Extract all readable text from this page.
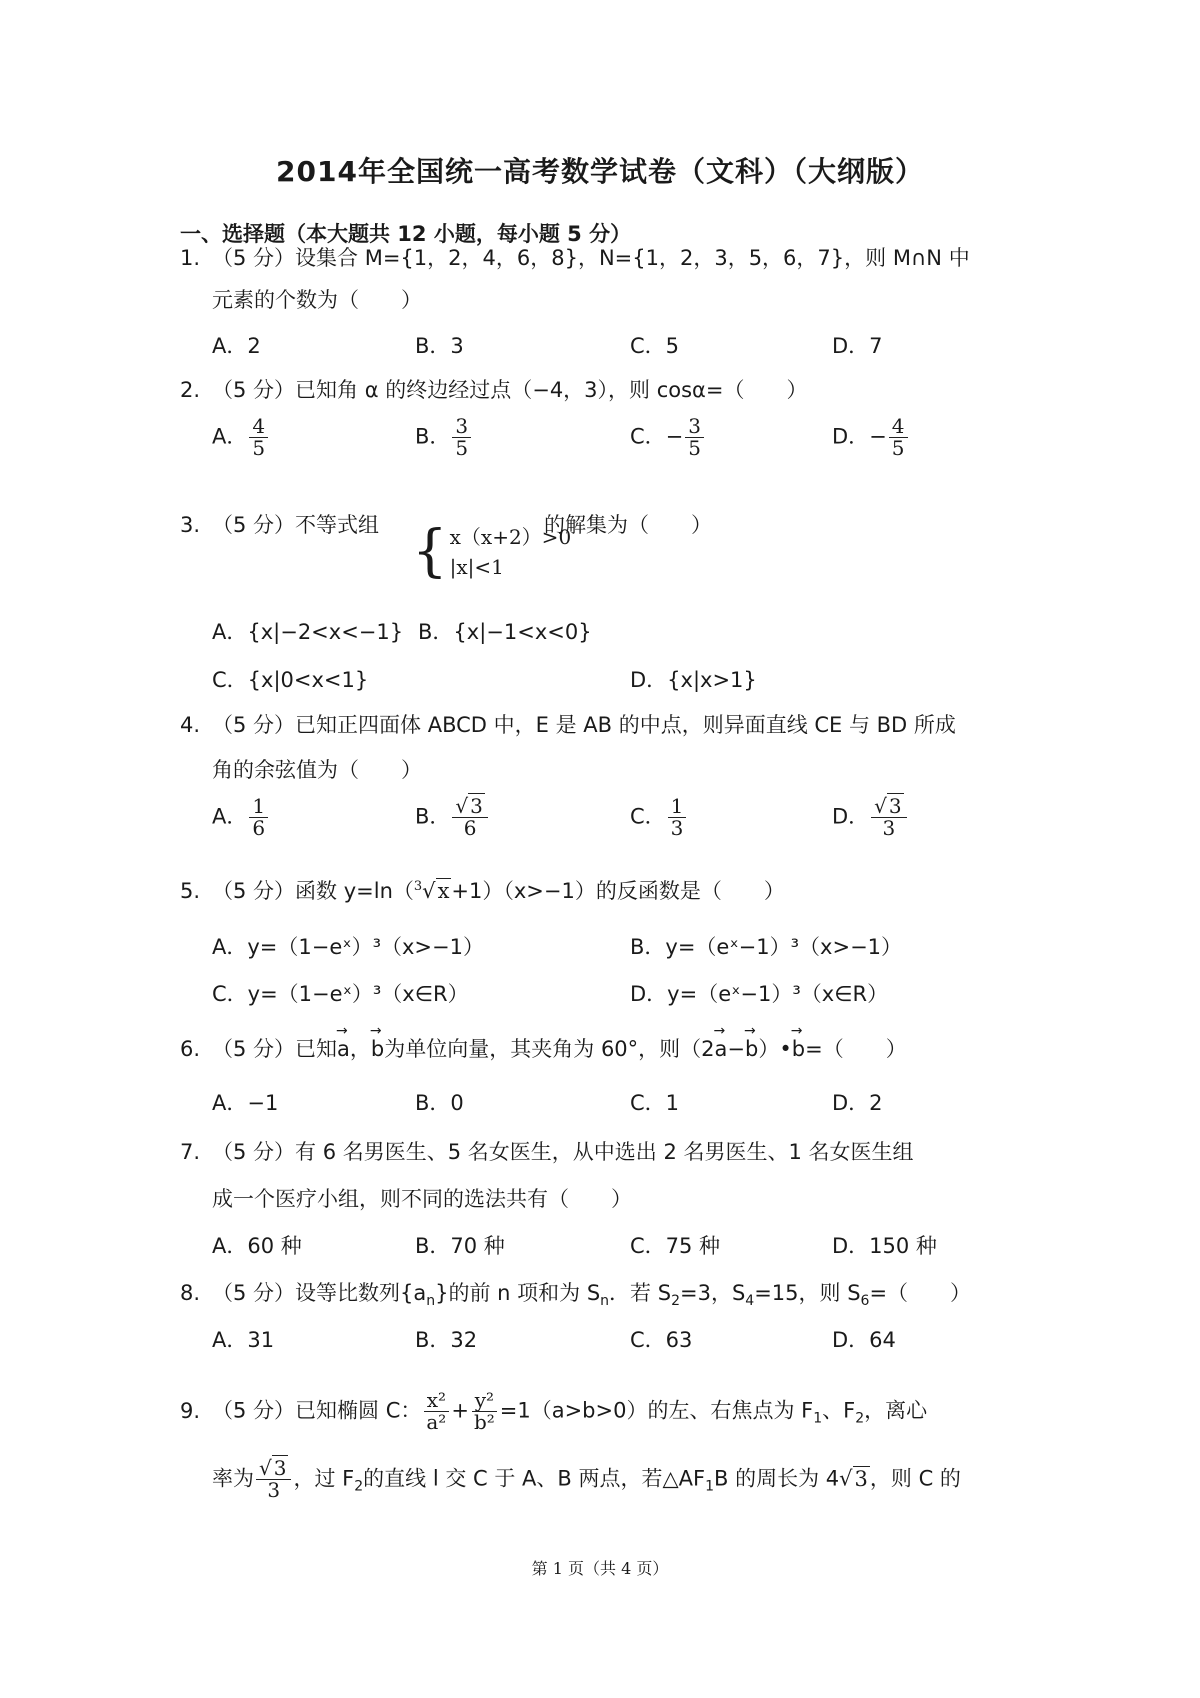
2014年全国统一高考数学试卷（文科）（大纲版）
一、选择题（本大题共 12 小题，每小题 5 分）
1. （5 分）设集合 M={1，2，4，6，8}，N={1，2，3，5，6，7}，则 M∩N 中
元素的个数为（　　）
A．2	B．3	C．5	D．7
2. （5 分）已知角 α 的终边经过点（−4，3），则 cosα=（　　）
A． $\frac{4}{5}$	B． $\frac{3}{5}$	C．− $\frac{3}{5}$	D．− $\frac{4}{5}$
3. （5 分）不等式组 { x（x+2）>0
|x|<1
的解集为（　　）
A．{x|−2<x<−1} B．{x|−1<x<0}
C．{x|0<x<1}	D．{x|x>1}
4. （5 分）已知正四面体 ABCD 中，E 是 AB 的中点，则异面直线 CE 与 BD 所成
角的余弦值为（　　）
A． $\frac{1}{6}$	B． $\frac{√ 3}{6}$	C． $\frac{1}{3}$	D． $\frac{√ 3}{3}$
5. （5 分）函数 y=ln（$^3$√x+1）（x>−1）的反函数是（　　）
A．y=（1−eˣ）³（x>−1）	B．y=（eˣ−1）³（x>−1）
C．y=（1−eˣ）³（x∈R）	D．y=（eˣ−1）³（x∈R）
6. （5 分）已知→ a，→ b为单位向量，其夹角为 60°，则（2→ a−→ b）•→ b=（　　）
A．−1	B．0	C．1	D．2
7. （5 分）有 6 名男医生、5 名女医生，从中选出 2 名男医生、1 名女医生组
成一个医疗小组，则不同的选法共有（　　）
A．60 种	B．70 种	C．75 种	D．150 种
8. （5 分）设等比数列$\{a_n\}$的前 n 项和为 $S_n$．若 $S_2=3$，$S_4=15$，则 $S_6=$（　　）
A．31	B．32	C．63	D．64
9. （5 分）已知椭圆 C： $\frac{\text{x²}}{\text{a²}} + \frac{\text{y²}}{\text{b²}} =1(a>b>0)$的左、右焦点为 $F_1$、$F_2$，离心
率为 $\frac{√ 3}{3}$ ，过 $F_2$的直线 l 交 C 于 A、B 两点，若$\triangle AF_1B$ 的周长为 4√3，则 C 的
第 1 页（共 4 页）
